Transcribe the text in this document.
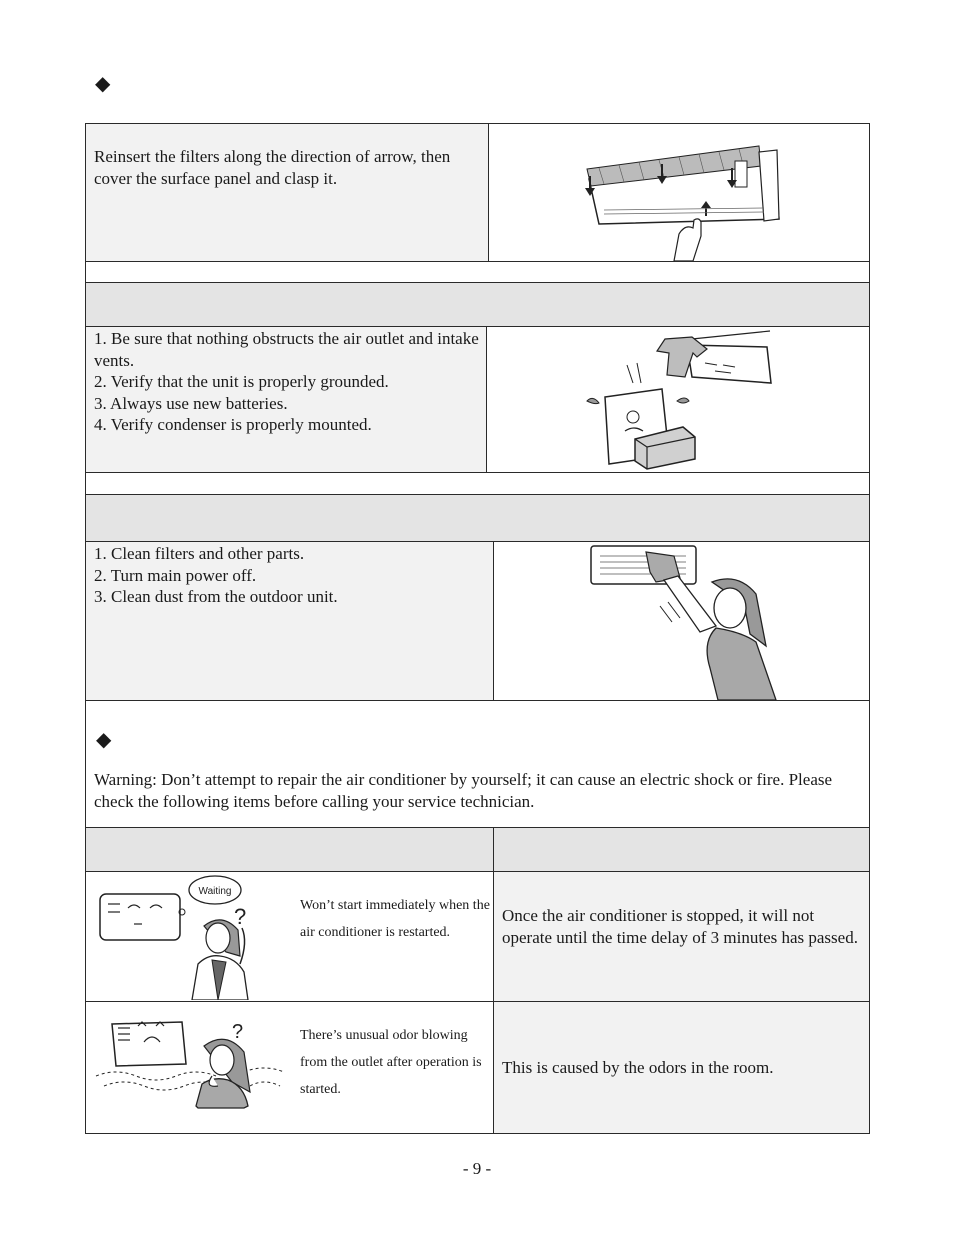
◆
Reinsert the filters along the direction of arrow, then cover the surface panel and clasp it.
1. Be sure that nothing obstructs the air outlet and intake vents.
2. Verify that the unit is properly grounded.
3. Always use new batteries.
4. Verify condenser is properly mounted.
1. Clean filters and other parts.
2. Turn main power off.
3. Clean dust from the outdoor unit.
◆
Warning: Don’t attempt to repair the air conditioner by yourself; it can cause an electric shock or fire. Please check the following items before calling your service technician.
Waiting
?	Won’t start immediately when the air conditioner is restarted.
Once the air conditioner is stopped, it will not operate until the time delay of 3 minutes has passed.
?	There’s unusual odor blowing from the outlet after operation is started.
This is caused by the odors in the room.
- 9 -
